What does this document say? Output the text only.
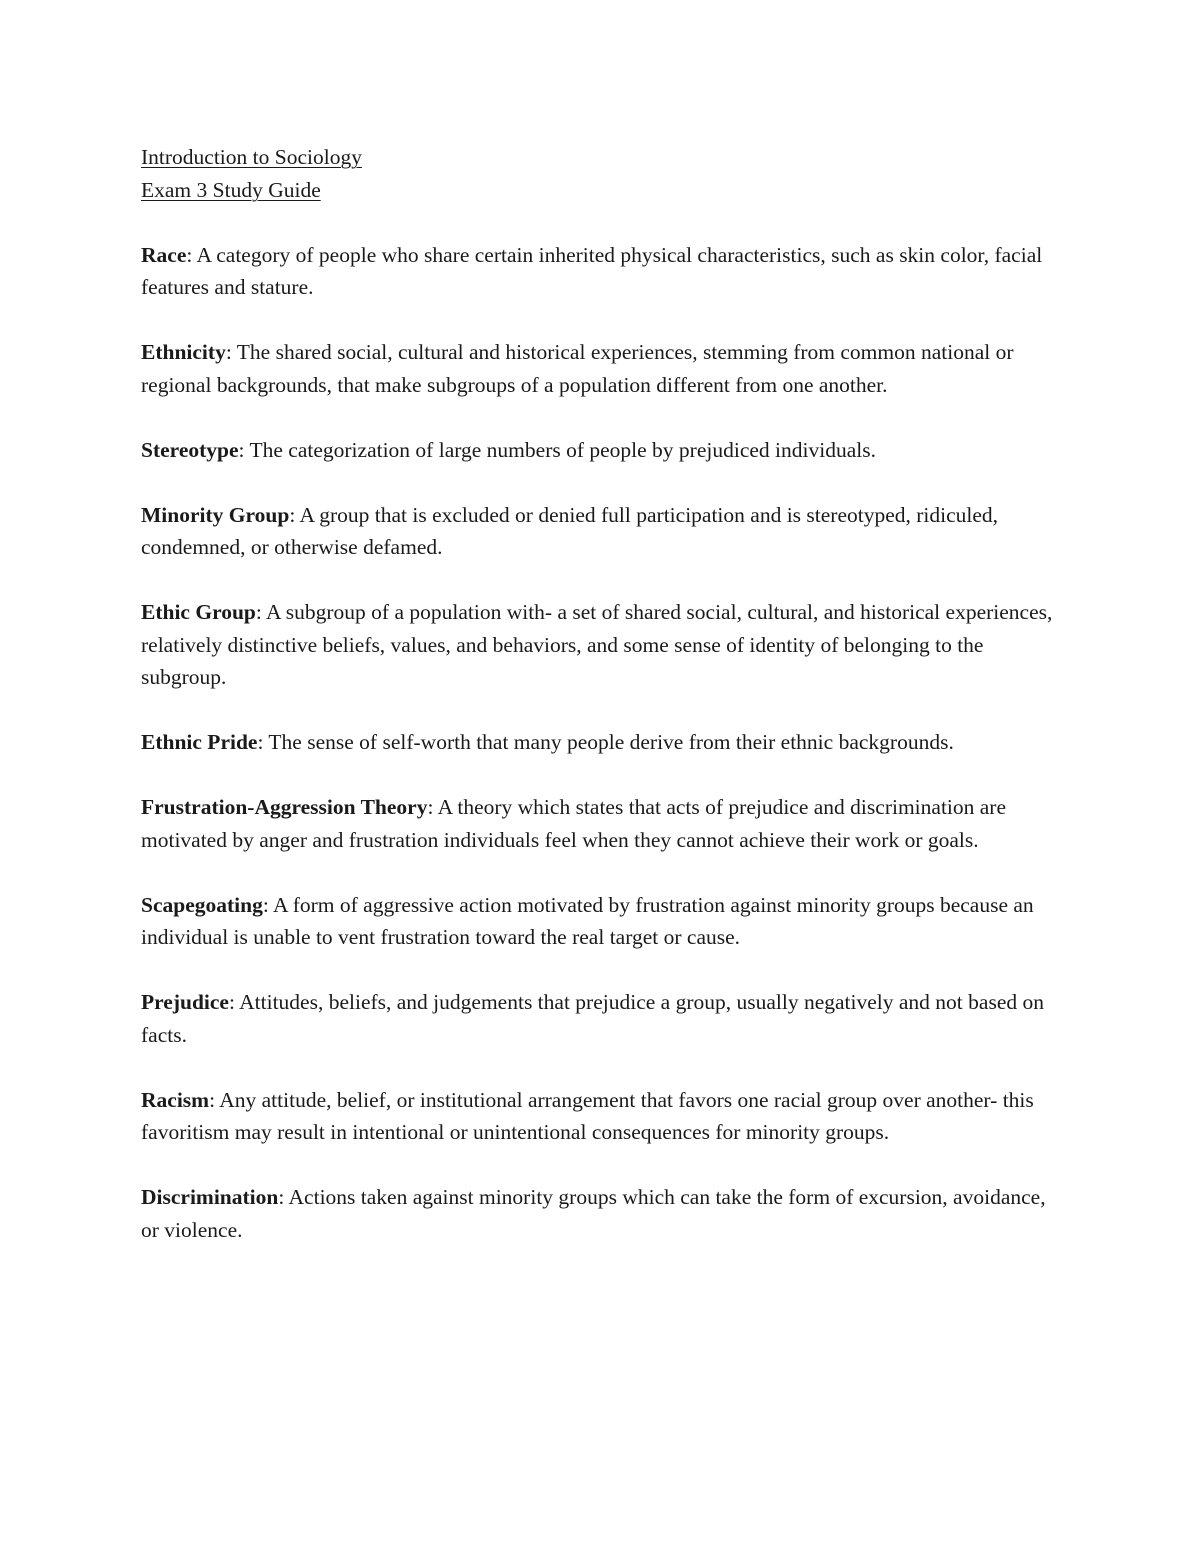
Introduction to Sociology

Exam 3 Study Guide

Race: A category of people who share certain inherited physical characteristics, such as skin color, facial features and stature.

Ethnicity: The shared social, cultural and historical experiences, stemming from common national or regional backgrounds, that make subgroups of a population different from one another.

Stereotype: The categorization of large numbers of people by prejudiced individuals.

Minority Group: A group that is excluded or denied full participation and is stereotyped, ridiculed, condemned, or otherwise defamed.

Ethic Group: A subgroup of a population with- a set of shared social, cultural, and historical experiences, relatively distinctive beliefs, values, and behaviors, and some sense of identity of belonging to the subgroup.

Ethnic Pride: The sense of self-worth that many people derive from their ethnic backgrounds.

Frustration-Aggression Theory: A theory which states that acts of prejudice and discrimination are motivated by anger and frustration individuals feel when they cannot achieve their work or goals.

Scapegoating: A form of aggressive action motivated by frustration against minority groups because an individual is unable to vent frustration toward the real target or cause.

Prejudice: Attitudes, beliefs, and judgements that prejudice a group, usually negatively and not based on facts.

Racism: Any attitude, belief, or institutional arrangement that favors one racial group over another- this favoritism may result in intentional or unintentional consequences for minority groups.

Discrimination: Actions taken against minority groups which can take the form of excursion, avoidance, or violence.
